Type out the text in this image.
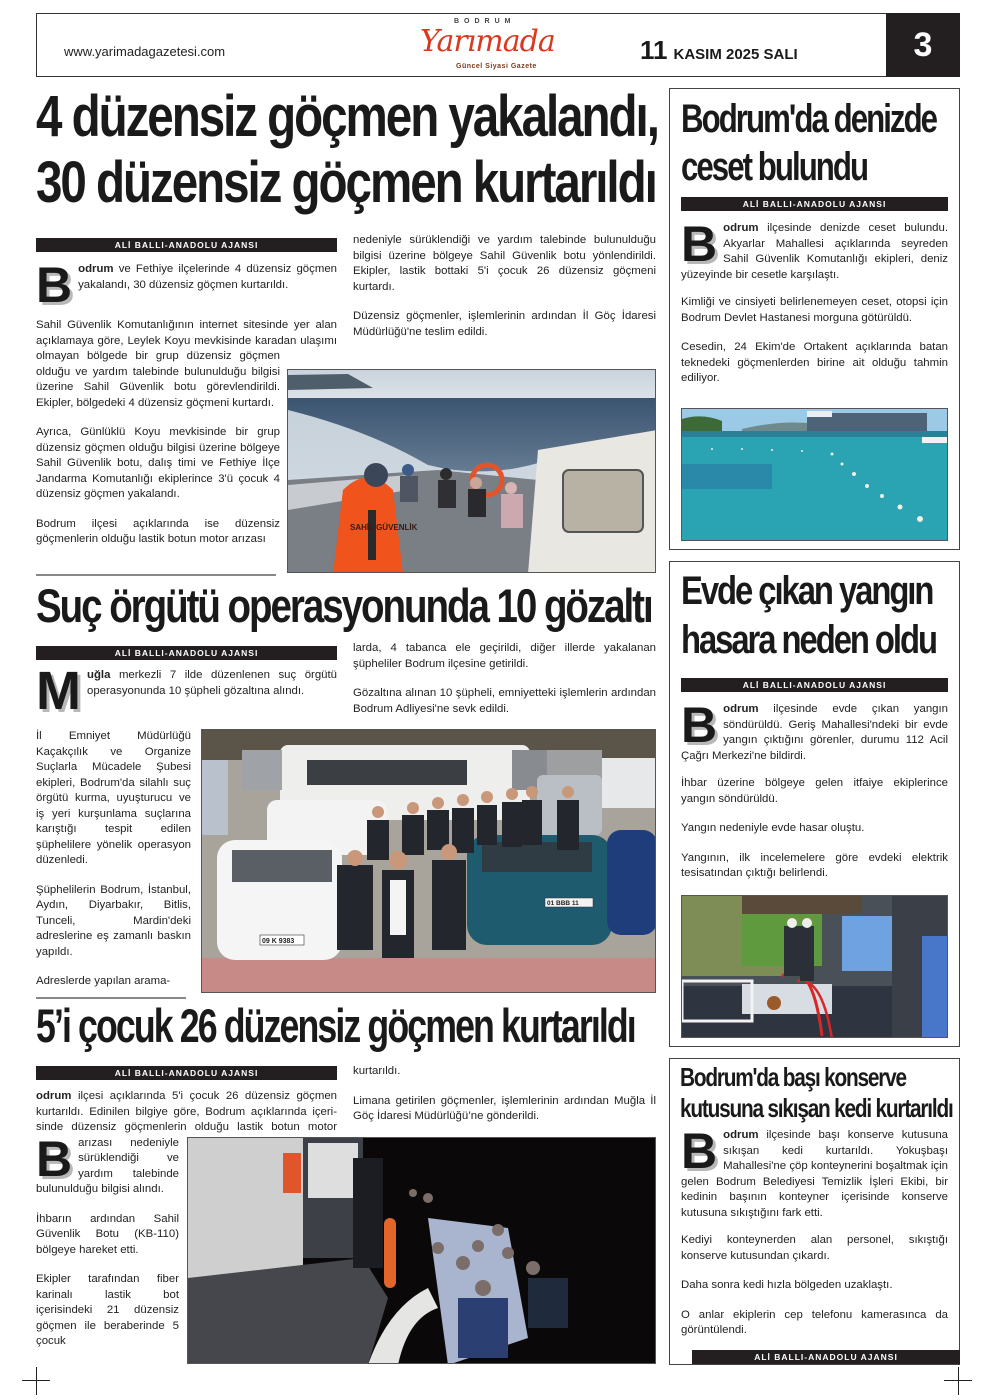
www.yarimadagazetesi.com
BODRUM
Yarımada
Güncel Siyasi Gazete
11 KASIM 2025 SALI	3
4 düzensiz göçmen yakalandı,
30 düzensiz göçmen kurtarıldı
ALİ BALLI-ANADOLU AJANSI
Bodrum ve Fethiye ilçelerinde 4 düzensiz göçmen yakalandı, 30 düzensiz göçmen kurtarıldı.

Sahil Güvenlik Komutanlığının internet sitesinde yer alan açıklamaya göre, Leylek Koyu mevkisinde karadan ulaşımı olmayan bölgede bir grup düzensiz göçmen olduğu ve yardım talebinde bulunulduğu bilgisi üzerine Sahil Güvenlik botu görevlendirildi. Ekipler, bölgedeki 4 düzensiz göçmeni kurtardı.

Ayrıca, Günlüklü Koyu mevkisinde bir grup düzensiz göçmen olduğu bilgisi üzerine bölgeye Sahil Güvenlik botu, dalış timi ve Fethiye İlçe Jandarma Komutanlığı ekiplerince 3'ü çocuk 4 düzensiz göçmen yakalandı.

Bodrum ilçesi açıklarında ise düzensiz göçmenlerin olduğu lastik botun motor arızası

nedeniyle sürüklendiği ve yardım talebinde bulunulduğu bilgisi üzerine bölgeye Sahil Güvenlik botu yönlendirildi. Ekipler, lastik bottaki 5'i çocuk 26 düzensiz göçmeni kurtardı.

Düzensiz göçmenler, işlemlerinin ardından İl Göç İdaresi Müdürlüğü'ne teslim edildi.

SAHİL GÜVENLİK
Bodrum'da denizde
ceset bulundu
ALİ BALLI-ANADOLU AJANSI
Bodrum ilçesinde denizde ceset bulundu. Akyarlar Mahallesi açıklarında seyreden Sahil Güvenlik Komutanlığı ekipleri, deniz yüzeyinde bir cesetle karşılaştı.

Kimliği ve cinsiyeti belirlenemeyen ceset, otopsi için Bodrum Devlet Hastanesi morguna götürüldü.

Cesedin, 24 Ekim'de Ortakent açıklarında batan teknedeki göçmenlerden birine ait olduğu tahmin ediliyor.

Suç örgütü operasyonunda 10 gözaltı
ALİ BALLI-ANADOLU AJANSI
Muğla merkezli 7 ilde düzenlenen suç örgütü operasyonunda 10 şüpheli gözaltına alındı.

İl Emniyet Müdürlüğü Kaçakçılık ve Organize Suçlarla Mücadele Şubesi ekipleri, Bodrum'da silahlı suç örgütü kurma, uyuşturucu ve iş yeri kurşunlama suçlarına karıştığı tespit edilen şüphelilere yönelik operasyon düzenledi.

Şüphelilerin Bodrum, İstanbul, Aydın, Diyarbakır, Bitlis, Tunceli, Mardin'deki adreslerine eş zamanlı baskın yapıldı.

Adreslerde yapılan arama-

larda, 4 tabanca ele geçirildi, diğer illerde yakalanan şüpheliler Bodrum ilçesine getirildi.

Gözaltına alınan 10 şüpheli, emniyetteki işlemlerin ardından Bodrum Adliyesi'ne sevk edildi.

09 K 9383
01 BBB 11
Evde çıkan yangın
hasara neden oldu
ALİ BALLI-ANADOLU AJANSI
Bodrum ilçesinde evde çıkan yangın söndürüldü. Geriş Mahallesi'ndeki bir evde yangın çıktığını görenler, durumu 112 Acil Çağrı Merkezi'ne bildirdi.

İhbar üzerine bölgeye gelen itfaiye ekiplerince yangın söndürüldü.

Yangın nedeniyle evde hasar oluştu.

Yangının, ilk incelemelere göre evdeki elektrik tesisatından çıktığı belirlendi.

5’i çocuk 26 düzensiz göçmen kurtarıldı
ALİ BALLI-ANADOLU AJANSI
B
odrum ilçesi açıklarında 5'i çocuk 26 düzensiz göçmen kurtarıldı. Edinilen bilgiye göre, Bodrum açıklarında içeri- sinde düzensiz göçmenlerin olduğu lastik botun motor arızası nedeniyle sürüklendiği ve yardım talebinde bulunulduğu bilgisi alındı.

İhbarın ardından Sahil Güvenlik Botu (KB-110) bölgeye hareket etti.

Ekipler tarafından fiber karinalı lastik bot içerisindeki 21 düzensiz göçmen ile beraberinde 5 çocuk

kurtarıldı.

Limana getirilen göçmenler, işlemlerinin ardından Muğla İl Göç İdaresi Müdürlüğü’ne gönderildi.

Bodrum'da başı konserve
kutusuna sıkışan kedi kurtarıldı
Bodrum ilçesinde başı konserve kutusuna sıkışan kedi kurtarıldı. Yokuşbaşı Mahallesi'ne çöp konteynerini boşaltmak için gelen Bodrum Belediyesi Temizlik İşleri Ekibi, bir kedinin başının konteyner içerisinde konserve kutusuna sıkıştığını fark etti.

Kediyi konteynerden alan personel, sıkıştığı konserve kutusundan çıkardı.

Daha sonra kedi hızla bölgeden uzaklaştı.

O anlar ekiplerin cep telefonu kamerasınca da görüntülendi.

ALİ BALLI-ANADOLU AJANSI
